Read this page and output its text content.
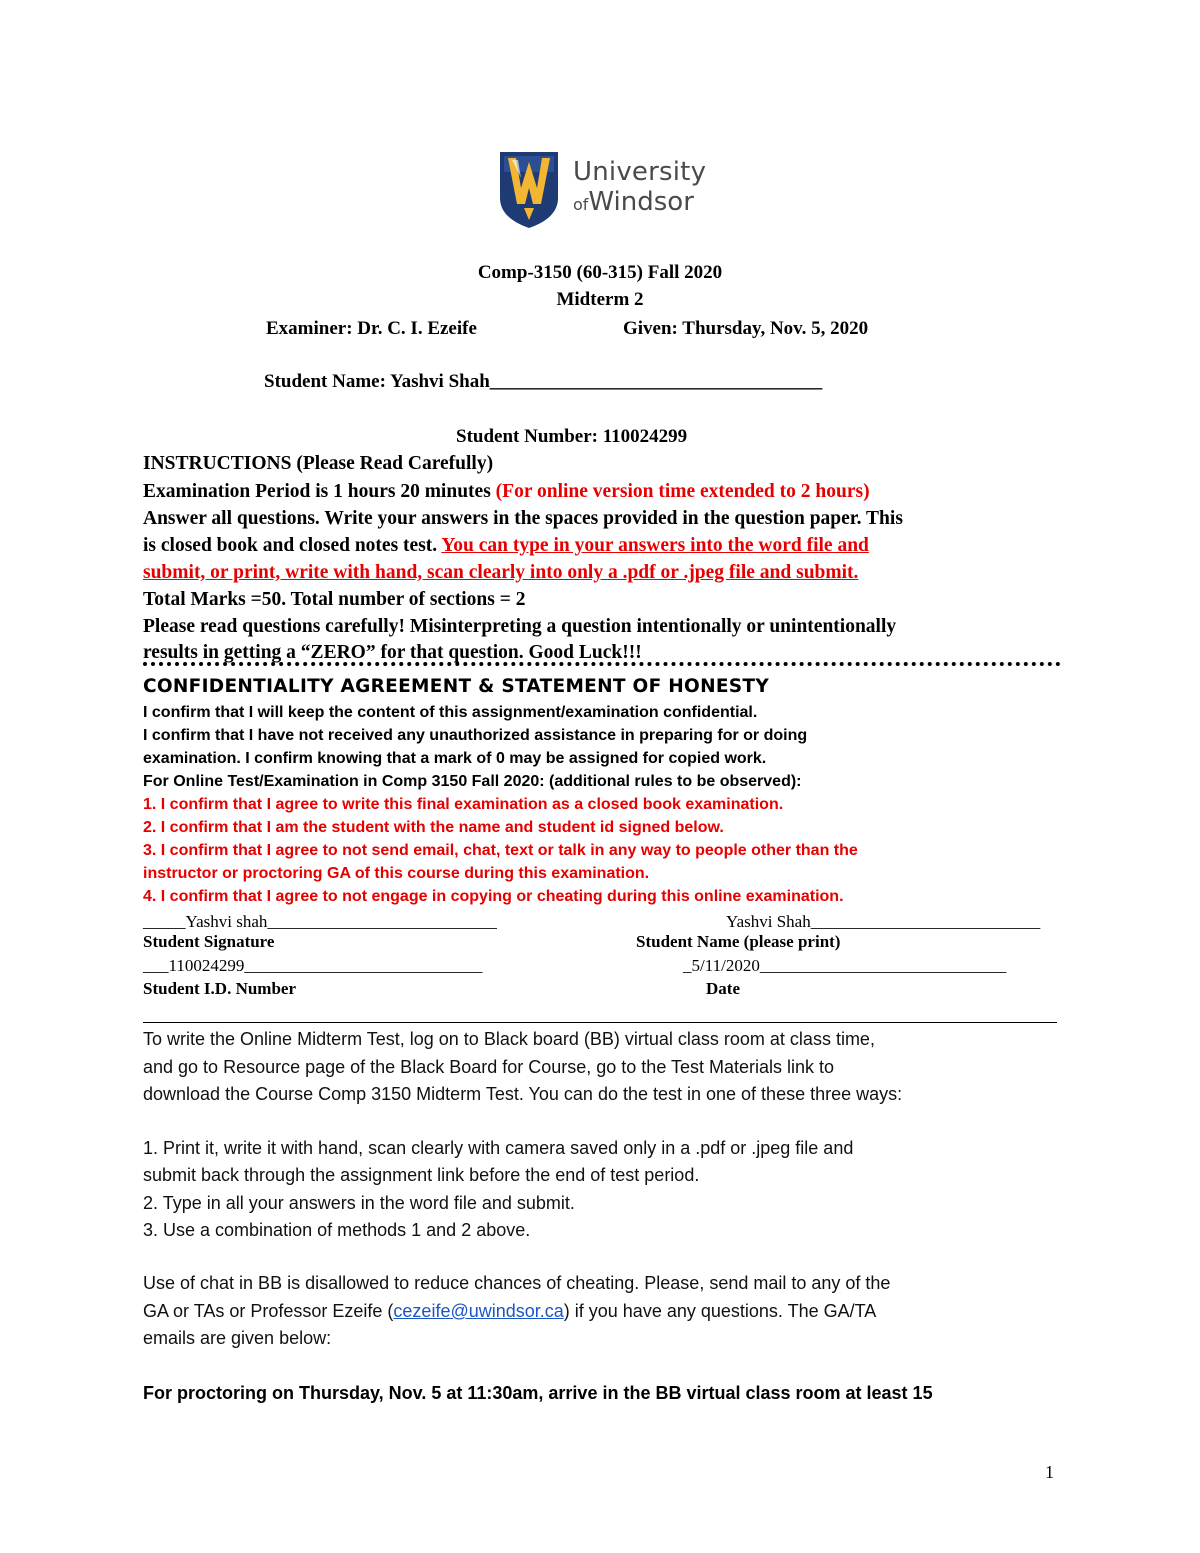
University
ofWindsor
Comp-3150 (60-315) Fall 2020
Midterm 2
Examiner: Dr. C. I. Ezeife	Given: Thursday, Nov. 5, 2020
Student Name: Yashvi Shah___________________________________
Student Number: 110024299
INSTRUCTIONS (Please Read Carefully)
Examination Period is 1 hours 20 minutes (For online version time extended to 2 hours)
Answer all questions. Write your answers in the spaces provided in the question paper. This
is closed book and closed notes test. You can type in your answers into the word file and
submit, or print, write with hand, scan clearly into only a .pdf or .jpeg file and submit.
Total Marks =50. Total number of sections = 2
Please read questions carefully! Misinterpreting a question intentionally or unintentionally
results in getting a “ZERO” for that question. Good Luck!!!
CONFIDENTIALITY AGREEMENT & STATEMENT OF HONESTY
I confirm that I will keep the content of this assignment/examination confidential.
I confirm that I have not received any unauthorized assistance in preparing for or doing
examination. I confirm knowing that a mark of 0 may be assigned for copied work.
For Online Test/Examination in Comp 3150 Fall 2020: (additional rules to be observed):
1. I confirm that I agree to write this final examination as a closed book examination.
2. I confirm that I am the student with the name and student id signed below.
3. I confirm that I agree to not send email, chat, text or talk in any way to people other than the
instructor or proctoring GA of this course during this examination.
4. I confirm that I agree to not engage in copying or cheating during this online examination.
_____Yashvi shah___________________________	Yashvi Shah___________________________
Student Signature	Student Name (please print)
___110024299____________________________	_5/11/2020_____________________________
Student I.D. Number	Date
To write the Online Midterm Test, log on to Black board (BB) virtual class room at class time,
and go to Resource page of the Black Board for Course, go to the Test Materials link to
download the Course Comp 3150 Midterm Test. You can do the test in one of these three ways:
1. Print it, write it with hand, scan clearly with camera saved only in a .pdf or .jpeg file and
submit back through the assignment link before the end of test period.
2. Type in all your answers in the word file and submit.
3. Use a combination of methods 1 and 2 above.
Use of chat in BB is disallowed to reduce chances of cheating. Please, send mail to any of the
GA or TAs or Professor Ezeife (cezeife@uwindsor.ca) if you have any questions. The GA/TA
emails are given below:
For proctoring on Thursday, Nov. 5 at 11:30am, arrive in the BB virtual class room at least 15
1
